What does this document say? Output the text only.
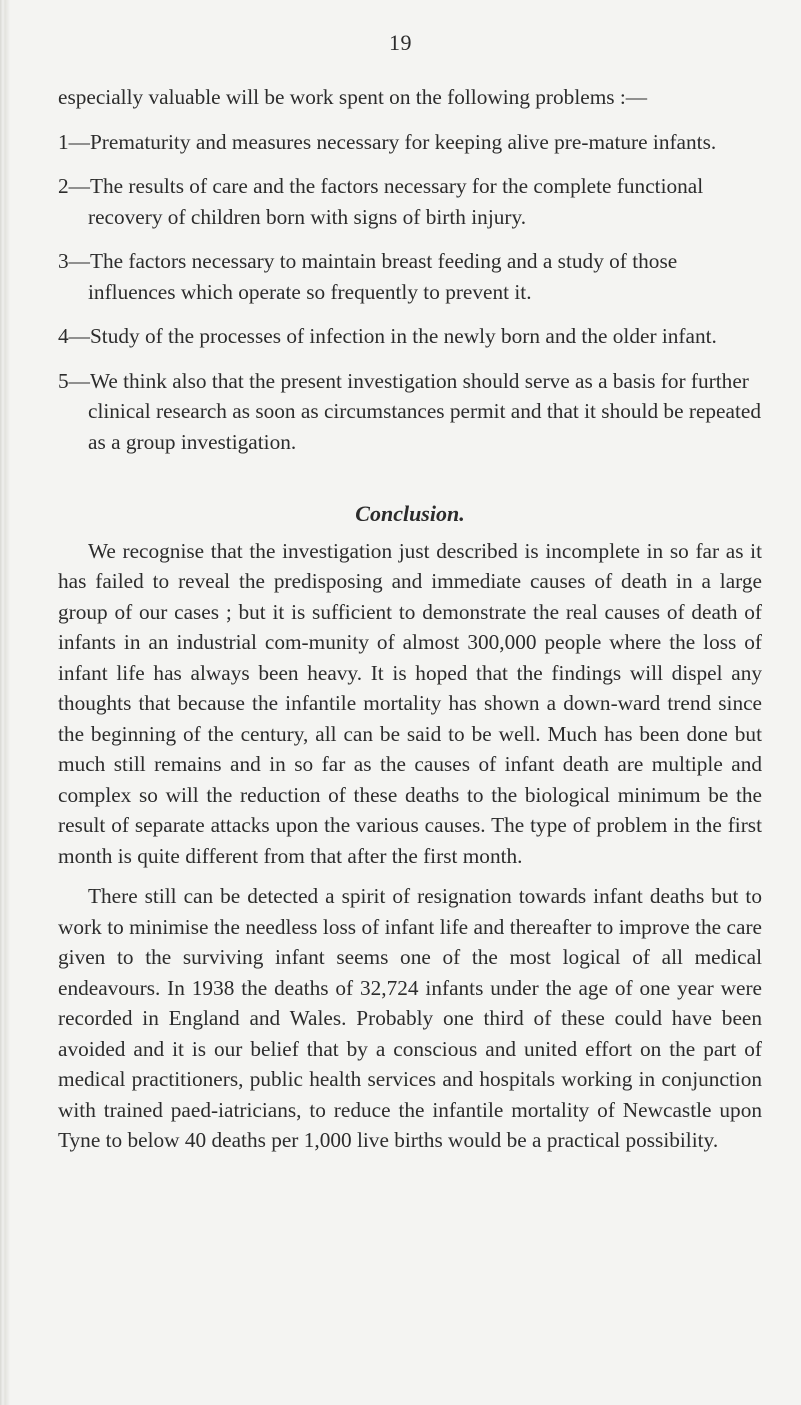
19

especially valuable will be work spent on the following problems :—

1—Prematurity and measures necessary for keeping alive pre-mature infants.

2—The results of care and the factors necessary for the complete functional recovery of children born with signs of birth injury.

3—The factors necessary to maintain breast feeding and a study of those influences which operate so frequently to prevent it.

4—Study of the processes of infection in the newly born and the older infant.

5—We think also that the present investigation should serve as a basis for further clinical research as soon as circumstances permit and that it should be repeated as a group investigation.

Conclusion.

We recognise that the investigation just described is incomplete in so far as it has failed to reveal the predisposing and immediate causes of death in a large group of our cases ; but it is sufficient to demonstrate the real causes of death of infants in an industrial com-munity of almost 300,000 people where the loss of infant life has always been heavy. It is hoped that the findings will dispel any thoughts that because the infantile mortality has shown a down-ward trend since the beginning of the century, all can be said to be well. Much has been done but much still remains and in so far as the causes of infant death are multiple and complex so will the reduction of these deaths to the biological minimum be the result of separate attacks upon the various causes. The type of problem in the first month is quite different from that after the first month.

There still can be detected a spirit of resignation towards infant deaths but to work to minimise the needless loss of infant life and thereafter to improve the care given to the surviving infant seems one of the most logical of all medical endeavours. In 1938 the deaths of 32,724 infants under the age of one year were recorded in England and Wales. Probably one third of these could have been avoided and it is our belief that by a conscious and united effort on the part of medical practitioners, public health services and hospitals working in conjunction with trained paed-iatricians, to reduce the infantile mortality of Newcastle upon Tyne to below 40 deaths per 1,000 live births would be a practical possibility.
